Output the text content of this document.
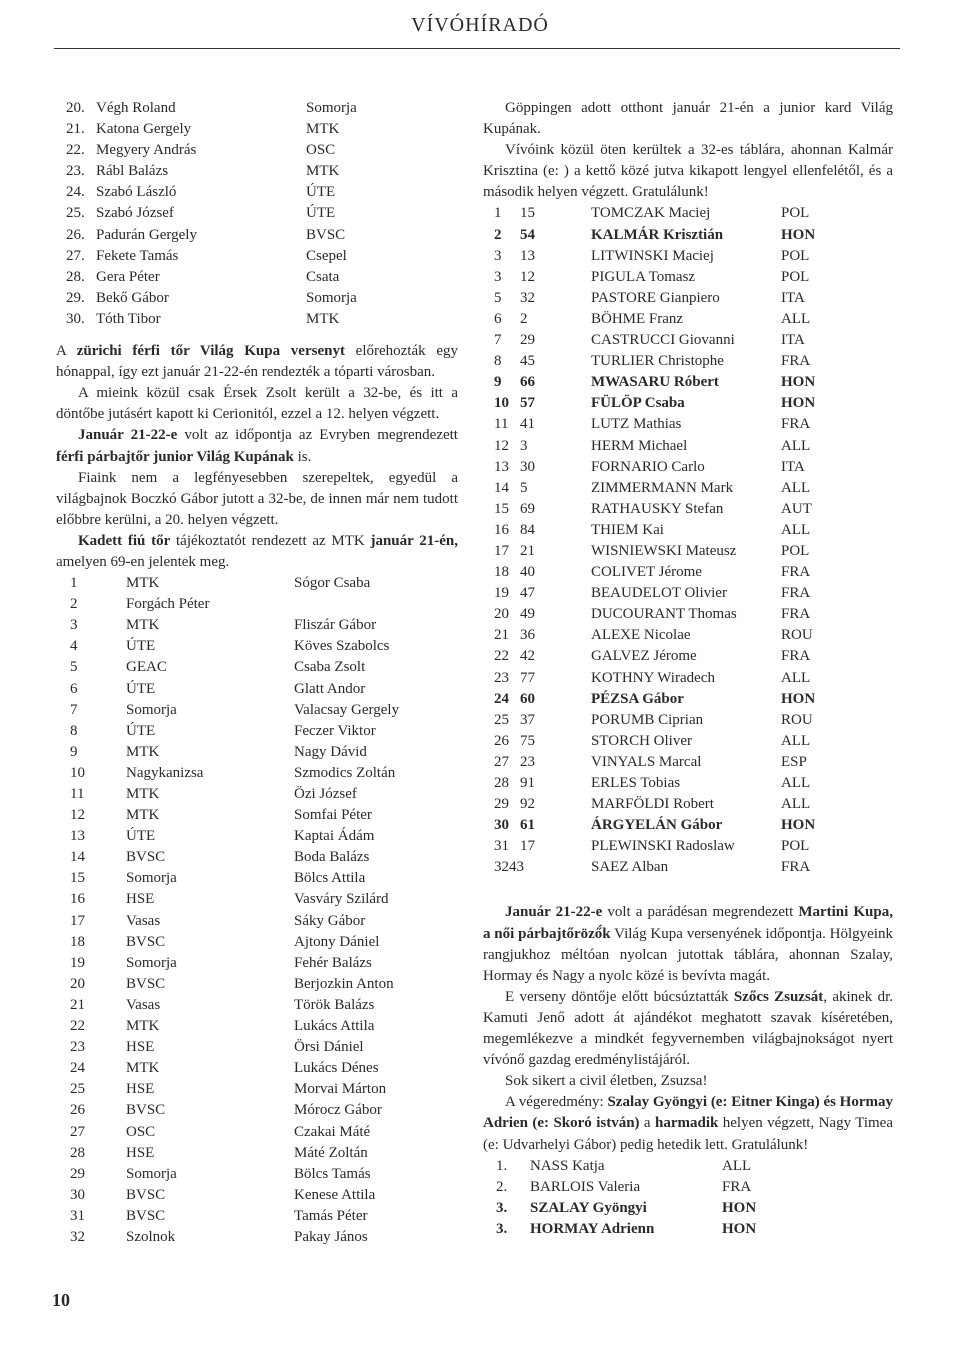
VÍVÓHÍRADÓ
20. Végh Roland	Somorja
21. Katona Gergely	MTK
22. Megyery András	OSC
23. Rábl Balázs	MTK
24. Szabó László	ÚTE
25. Szabó József	ÚTE
26. Padurán Gergely	BVSC
27. Fekete Tamás	Csepel
28. Gera Péter	Csata
29. Bekő Gábor	Somorja
30. Tóth Tibor	MTK

A zürichi férfi tőr Világ Kupa versenyt előrehozták egy hónappal, így ezt január 21-22-én rendezték a tóparti városban.

A mieink közül csak Érsek Zsolt került a 32-be, és itt a döntőbe jutásért kapott ki Cerionitól, ezzel a 12. helyen végzett.

Január 21-22-e volt az időpontja az Evryben megrendezett férfi párbajtőr junior Világ Kupának is.

Fiaink nem a legfényesebben szerepeltek, egyedül a világbajnok Boczkó Gábor jutott a 32-be, de innen már nem tudott előbbre kerülni, a 20. helyen végzett.

Kadett fiú tőr tájékoztatót rendezett az MTK január 21-én, amelyen 69-en jelentek meg.

1	MTK	Sógor Csaba
2	Forgách Péter
3	MTK	Fliszár Gábor
4	ÚTE	Köves Szabolcs
5	GEAC	Csaba Zsolt
6	ÚTE	Glatt Andor
7	Somorja	Valacsay Gergely
8	ÚTE	Feczer Viktor
9	MTK	Nagy Dávid
10	Nagykanizsa	Szmodics Zoltán
11	MTK	Özi József
12	MTK	Somfai Péter
13	ÚTE	Kaptai Ádám
14	BVSC	Boda Balázs
15	Somorja	Bölcs Attila
16	HSE	Vasváry Szilárd
17	Vasas	Sáky Gábor
18	BVSC	Ajtony Dániel
19	Somorja	Fehér Balázs
20	BVSC	Berjozkin Anton
21	Vasas	Török Balázs
22	MTK	Lukács Attila
23	HSE	Örsi Dániel
24	MTK	Lukács Dénes
25	HSE	Morvai Márton
26	BVSC	Mórocz Gábor
27	OSC	Czakai Máté
28	HSE	Máté Zoltán
29	Somorja	Bölcs Tamás
30	BVSC	Kenese Attila
31	BVSC	Tamás Péter
32	Szolnok	Pakay János

Göppingen adott otthont január 21-én a junior kard Világ Kupának.

Vívóink közül öten kerültek a 32-es táblára, ahonnan Kalmár Krisztina (e: ) a kettő közé jutva kikapott lengyel ellenfelétől, és a második helyen végzett. Gratulálunk!

1	15	TOMCZAK Maciej	POL
2	54	KALMÁR Krisztián	HON
3	13	LITWINSKI Maciej	POL
3	12	PIGULA Tomasz	POL
5	32	PASTORE Gianpiero	ITA
6	2	BÖHME Franz	ALL
7	29	CASTRUCCI Giovanni	ITA
8	45	TURLIER Christophe	FRA
9	66	MWASARU Róbert	HON
10 57	FÜLÖP Csaba	HON
11 41	LUTZ Mathias	FRA
12 3	HERM Michael	ALL
13 30	FORNARIO Carlo	ITA
14 5	ZIMMERMANN Mark	ALL
15 69	RATHAUSKY Stefan	AUT
16 84	THIEM Kai	ALL
17 21	WISNIEWSKI Mateusz	POL
18 40	COLIVET Jérome	FRA
19 47	BEAUDELOT Olivier	FRA
20 49	DUCOURANT Thomas	FRA
21 36	ALEXE Nicolae	ROU
22 42	GALVEZ Jérome	FRA
23 77	KOTHNY Wiradech	ALL
24 60	PÉZSA Gábor	HON
25 37	PORUMB Ciprian	ROU
26 75	STORCH Oliver	ALL
27 23	VINYALS Marcal	ESP
28 91	ERLES Tobias	ALL
29 92	MARFÖLDI Robert	ALL
30 61	ÁRGYELÁN Gábor	HON
31 17	PLEWINSKI Radoslaw	POL
3243	SAEZ Alban	FRA

Január 21-22-e volt a parádésan megrendezett Martini Kupa, a női párbajtőröző́k Világ Kupa versenyének időpontja. Hölgyeink rangjukhoz méltóan nyolcan jutottak táblára, ahonnan Szalay, Hormay és Nagy a nyolc közé is bevívta magát.

E verseny döntője előtt búcsúztatták Szőcs Zsuzsát, akinek dr. Kamuti Jenő adott át ajándékot meghatott szavak kíséretében, megemlékezve a mindkét fegyvernemben világbajnokságot nyert vívónő gazdag eredménylistájáról.

Sok sikert a civil életben, Zsuzsa!

A végeredmény: Szalay Gyöngyi (e: Eitner Kinga) és Hormay Adrien (e: Skoró istván) a harmadik helyen végzett, Nagy Timea (e: Udvarhelyi Gábor) pedig hetedik lett. Gratulálunk!

1.	NASS Katja	ALL
2.	BARLOIS Valeria	FRA
3.	SZALAY Gyöngyi	HON
3.	HORMAY Adrienn	HON
10
